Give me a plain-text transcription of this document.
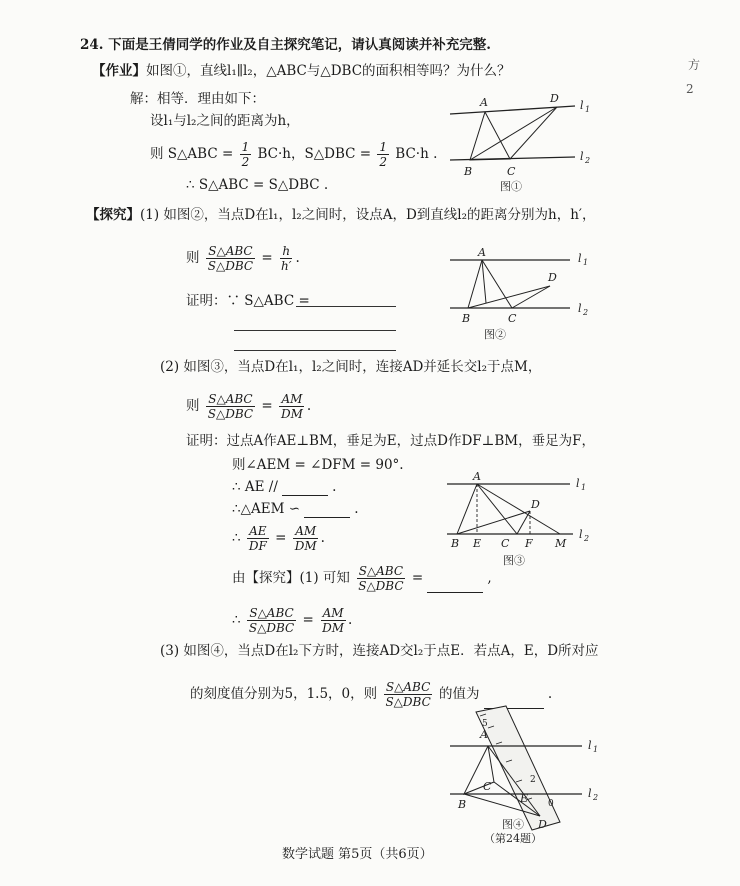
24. 下面是王倩同学的作业及自主探究笔记，请认真阅读并补充完整.
【作业】如图①，直线l₁∥l₂，△ABC与△DBC的面积相等吗？为什么？
解：相等．理由如下：
设l₁与l₂之间的距离为h，
则 S△ABC = $\frac{1}{2} BC\cdot h$，S△DBC = $\frac{1}{2} BC\cdot h$ .
∴ S△ABC = S△DBC .
A	D
B	C
l 1
l 2
图①
【探究】(1) 如图②，当点D在l₁，l₂之间时，设点A，D到直线l₂的距离分别为h，h′，
则 $\frac{\text{S△ABC}}{\text{S△DBC}} = \frac{h}{h'}$ .
证明：∵ S△ABC =
A
D
B	C
l 1
l 2
图②
(2) 如图③，当点D在l₁，l₂之间时，连接AD并延长交l₂于点M，
则 $\frac{\text{S△ABC}}{\text{S△DBC}} = \frac{AM}{DM}$ .
证明：过点A作AE⊥BM，垂足为E，过点D作DF⊥BM，垂足为F，
则∠AEM = ∠DFM = 90°.
∴ AE //	.
∴△AEM ∽	.
∴ $\frac{AE}{DF} = \frac{AM}{DM}$ .
由【探究】(1) 可知 $\frac{\text{S△ABC}}{\text{S△DBC}}$ =	,
∴ $\frac{\text{S△ABC}}{\text{S△DBC}} = \frac{AM}{DM}$ .
A
D
B E C F M
l 1
l 2
图③
(3) 如图④，当点D在l₂下方时，连接AD交l₂于点E．若点A，E，D所对应
的刻度值分别为5，1.5，0，则 $\frac{\text{S△ABC}}{\text{S△DBC}}$ 的值为	.
5
2
0
A
B
C
E
D
l 1
l 2
图④
（第24题）
数学试题 第5页（共6页）
方
2
